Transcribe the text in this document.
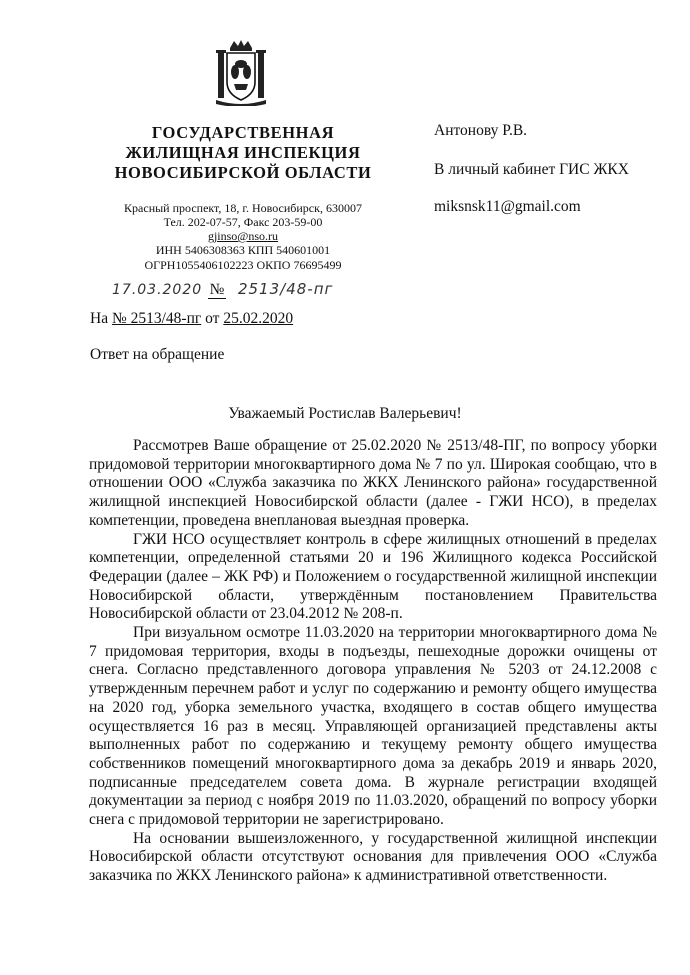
ГОСУДАРСТВЕННАЯ
ЖИЛИЩНАЯ ИНСПЕКЦИЯ
НОВОСИБИРСКОЙ ОБЛАСТИ
Красный проспект, 18, г. Новосибирск, 630007
Тел. 202-07-57, Факс 203-59-00
gjinso@nso.ru
ИНН 5406308363 КПП 540601001
ОГРН1055406102223 ОКПО 76695499
17.03.2020 № 2513/48-пг
На № 2513/48-пг от 25.02.2020
Антонову Р.В.
В личный кабинет ГИС ЖКХ
miksnsk11@gmail.com
Ответ на обращение
Уважаемый Ростислав Валерьевич!

Рассмотрев Ваше обращение от 25.02.2020 № 2513/48-ПГ, по вопросу уборки придомовой территории многоквартирного дома № 7 по ул. Широкая сообщаю, что в отношении ООО «Служба заказчика по ЖКХ Ленинского района» государственной жилищной инспекцией Новосибирской области (далее - ГЖИ НСО), в пределах компетенции, проведена внеплановая выездная проверка.

ГЖИ НСО осуществляет контроль в сфере жилищных отношений в пределах компетенции, определенной статьями 20 и 196 Жилищного кодекса Российской Федерации (далее – ЖК РФ) и Положением о государственной жилищной инспекции Новосибирской области, утверждённым постановлением Правительства Новосибирской области от 23.04.2012 № 208-п.

При визуальном осмотре 11.03.2020 на территории многоквартирного дома № 7 придомовая территория, входы в подъезды, пешеходные дорожки очищены от снега. Согласно представленного договора управления № 5203 от 24.12.2008 с утвержденным перечнем работ и услуг по содержанию и ремонту общего имущества на 2020 год, уборка земельного участка, входящего в состав общего имущества осуществляется 16 раз в месяц. Управляющей организацией представлены акты выполненных работ по содержанию и текущему ремонту общего имущества собственников помещений многоквартирного дома за декабрь 2019 и январь 2020, подписанные председателем совета дома. В журнале регистрации входящей документации за период с ноября 2019 по 11.03.2020, обращений по вопросу уборки снега с придомовой территории не зарегистрировано.

На основании вышеизложенного, у государственной жилищной инспекции Новосибирской области отсутствуют основания для привлечения ООО «Служба заказчика по ЖКХ Ленинского района» к административной ответственности.
